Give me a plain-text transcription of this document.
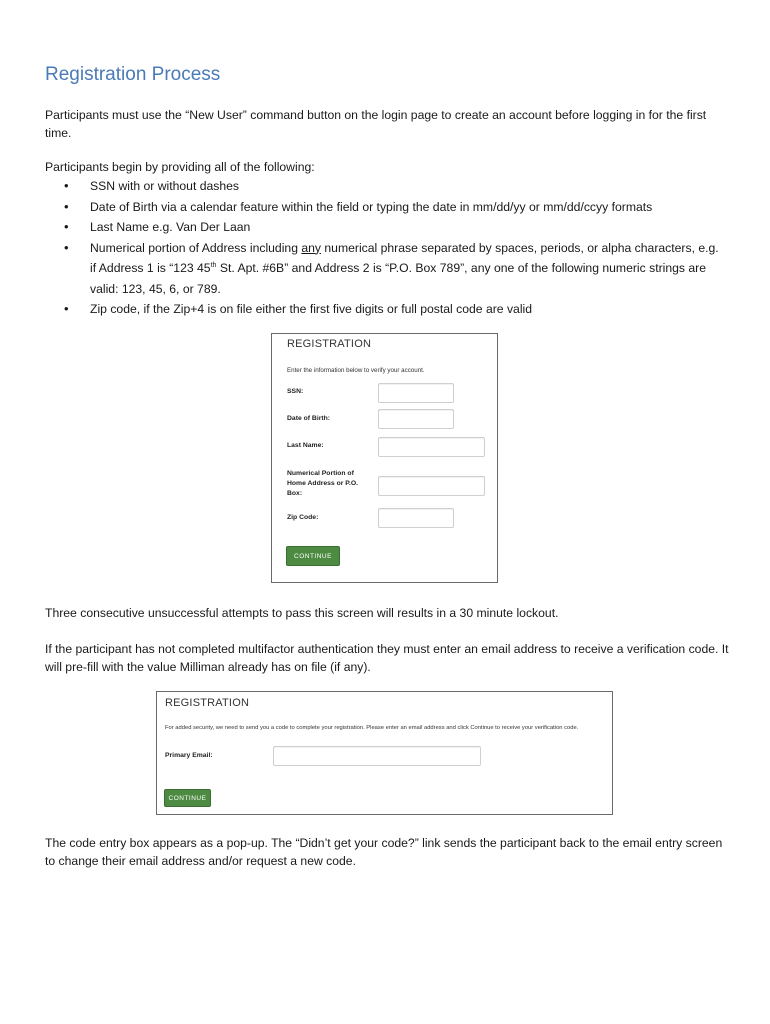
Registration Process

Participants must use the “New User” command button on the login page to create an account before logging in for the first time.

Participants begin by providing all of the following:

• SSN with or without dashes
• Date of Birth via a calendar feature within the field or typing the date in mm/dd/yy or mm/dd/ccyy formats
• Last Name e.g. Van Der Laan
• Numerical portion of Address including any numerical phrase separated by spaces, periods, or alpha characters, e.g. if Address 1 is “123 45th St. Apt. #6B” and Address 2 is “P.O. Box 789”, any one of the following numeric strings are valid: 123, 45, 6, or 789.
• Zip code, if the Zip+4 is on file either the first five digits or full postal code are valid
REGISTRATION
Enter the information below to verify your account.
SSN:
Date of Birth:
Last Name:
Numerical Portion of
Home Address or P.O.
Box:
Zip Code:
CONTINUE

Three consecutive unsuccessful attempts to pass this screen will results in a 30 minute lockout.

If the participant has not completed multifactor authentication they must enter an email address to receive a verification code. It will pre-fill with the value Milliman already has on file (if any).

REGISTRATION
For added security, we need to send you a code to complete your registration. Please enter an email address and click Continue to receive your verification code.
Primary Email:
CONTINUE

The code entry box appears as a pop-up. The “Didn’t get your code?” link sends the participant back to the email entry screen to change their email address and/or request a new code.
